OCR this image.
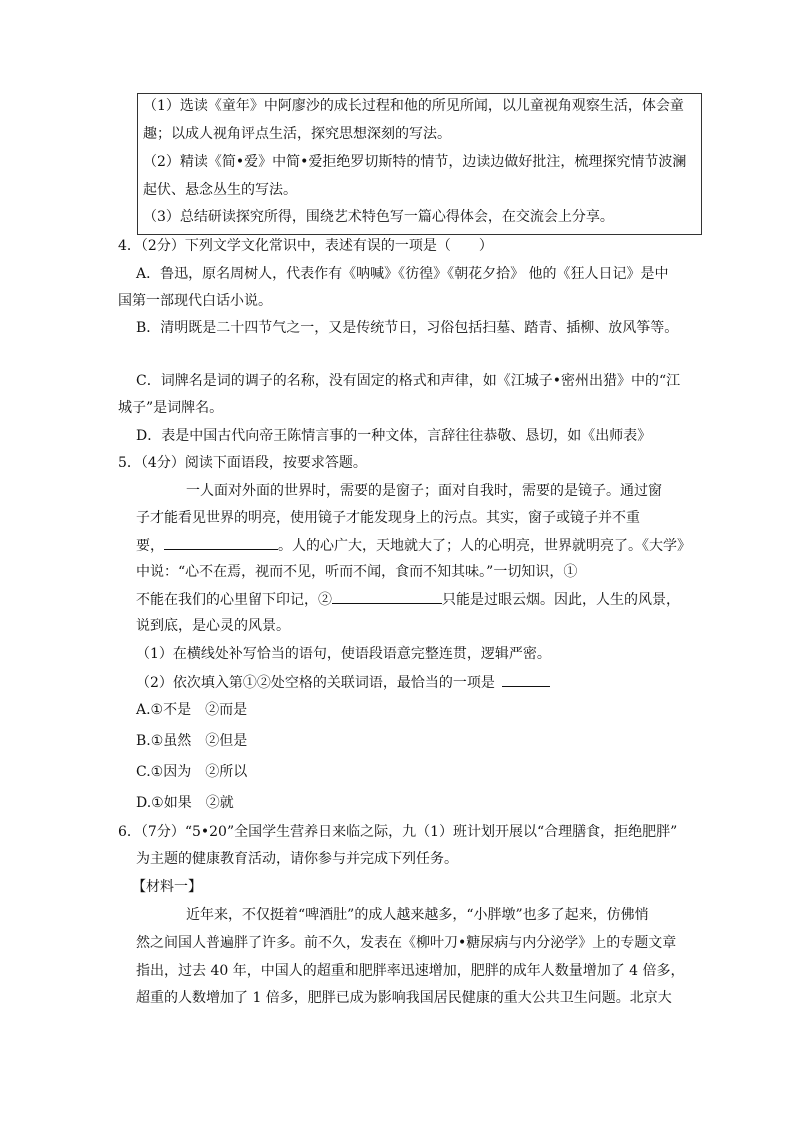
（1）选读《童年》中阿廖沙的成长过程和他的所见所闻，以儿童视角观察生活，体会童
趣；以成人视角评点生活，探究思想深刻的写法。
（2）精读《简•爱》中简•爱拒绝罗切斯特的情节，边读边做好批注，梳理探究情节波澜
起伏、悬念丛生的写法。
（3）总结研读探究所得，围绕艺术特色写一篇心得体会，在交流会上分享。
4．（2分）下列文学文化常识中，表述有误的一项是（　　）
A．鲁迅，原名周树人，代表作有《呐喊》《彷徨》《朝花夕拾》 他的《狂人日记》是中
国第一部现代白话小说。
B．清明既是二十四节气之一，又是传统节日，习俗包括扫墓、踏青、插柳、放风筝等。
C．词牌名是词的调子的名称，没有固定的格式和声律，如《江城子•密州出猎》中的“江
城子”是词牌名。
D．表是中国古代向帝王陈情言事的一种文体，言辞往往恭敬、恳切，如《出师表》
5．（4分）阅读下面语段，按要求答题。
一人面对外面的世界时，需要的是窗子；面对自我时，需要的是镜子。通过窗
子才能看见世界的明亮，使用镜子才能发现身上的污点。其实，窗子或镜子并不重
要，	。人的心广大，天地就大了；人的心明亮，世界就明亮了。《大学》
中说：“心不在焉，视而不见，听而不闻，食而不知其味。”一切知识，①
不能在我们的心里留下印记，②	只能是过眼云烟。因此，人生的风景，
说到底，是心灵的风景。
（1）在横线处补写恰当的语句，使语段语意完整连贯，逻辑严密。
（2）依次填入第①②处空格的关联词语，最恰当的一项是 
A.①不是　②而是
B.①虽然　②但是
C.①因为　②所以
D.①如果　②就
6．（7分）“5•20”全国学生营养日来临之际，九（1）班计划开展以“合理膳食，拒绝肥胖”
为主题的健康教育活动，请你参与并完成下列任务。
【材料一】
近年来，不仅挺着“啤酒肚”的成人越来越多，“小胖墩”也多了起来，仿佛悄
然之间国人普遍胖了许多。前不久，发表在《柳叶刀•糖尿病与内分泌学》上的专题文章
指出，过去 40 年，中国人的超重和肥胖率迅速增加，肥胖的成年人数量增加了 4 倍多，
超重的人数增加了 1 倍多，肥胖已成为影响我国居民健康的重大公共卫生问题。北京大
